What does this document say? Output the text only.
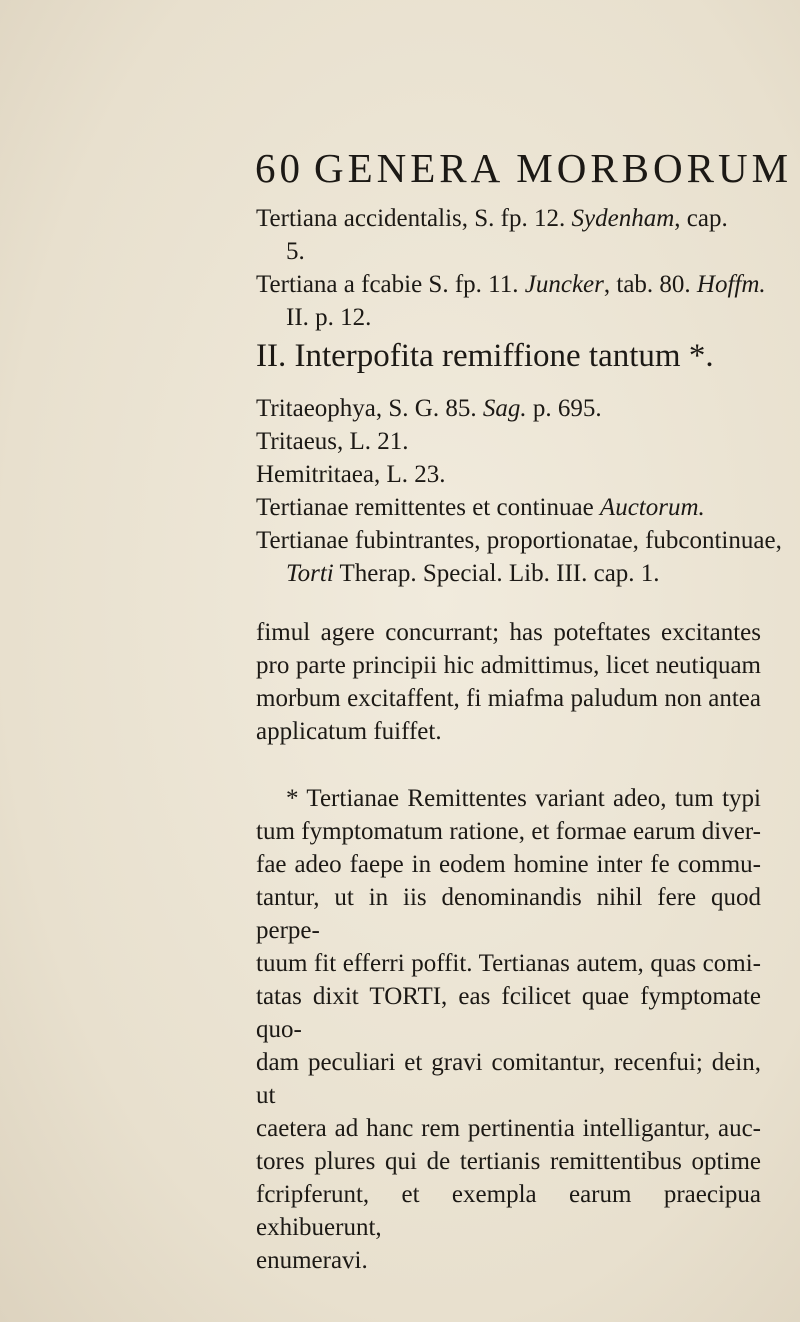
60 GENERA MORBORUM
Tertiana accidentalis, S. fp. 12. Sydenham, cap.
5.
Tertiana a fcabie S. fp. 11. Juncker, tab. 80. Hoffm.
II. p. 12.
II. Interpofita remiffione tantum *.
Tritaeophya, S. G. 85. Sag. p. 695.
Tritaeus, L. 21.
Hemitritaea, L. 23.
Tertianae remittentes et continuae Auctorum.
Tertianae fubintrantes, proportionatae, fubcontinuae,
Torti Therap. Special. Lib. III. cap. 1.
fimul agere concurrant; has poteftates excitantes
pro parte principii hic admittimus, licet neutiquam
morbum excitaffent, fi miafma paludum non antea
applicatum fuiffet.
* Tertianae Remittentes variant adeo, tum typi
tum fymptomatum ratione, et formae earum diver-
fae adeo faepe in eodem homine inter fe commu-
tantur, ut in iis denominandis nihil fere quod perpe-
tuum fit efferri poffit. Tertianas autem, quas comi-
tatas dixit TORTI, eas fcilicet quae fymptomate quo-
dam peculiari et gravi comitantur, recenfui; dein, ut
caetera ad hanc rem pertinentia intelligantur, auc-
tores plures qui de tertianis remittentibus optime
fcripferunt, et exempla earum praecipua exhibuerunt,
enumeravi.
